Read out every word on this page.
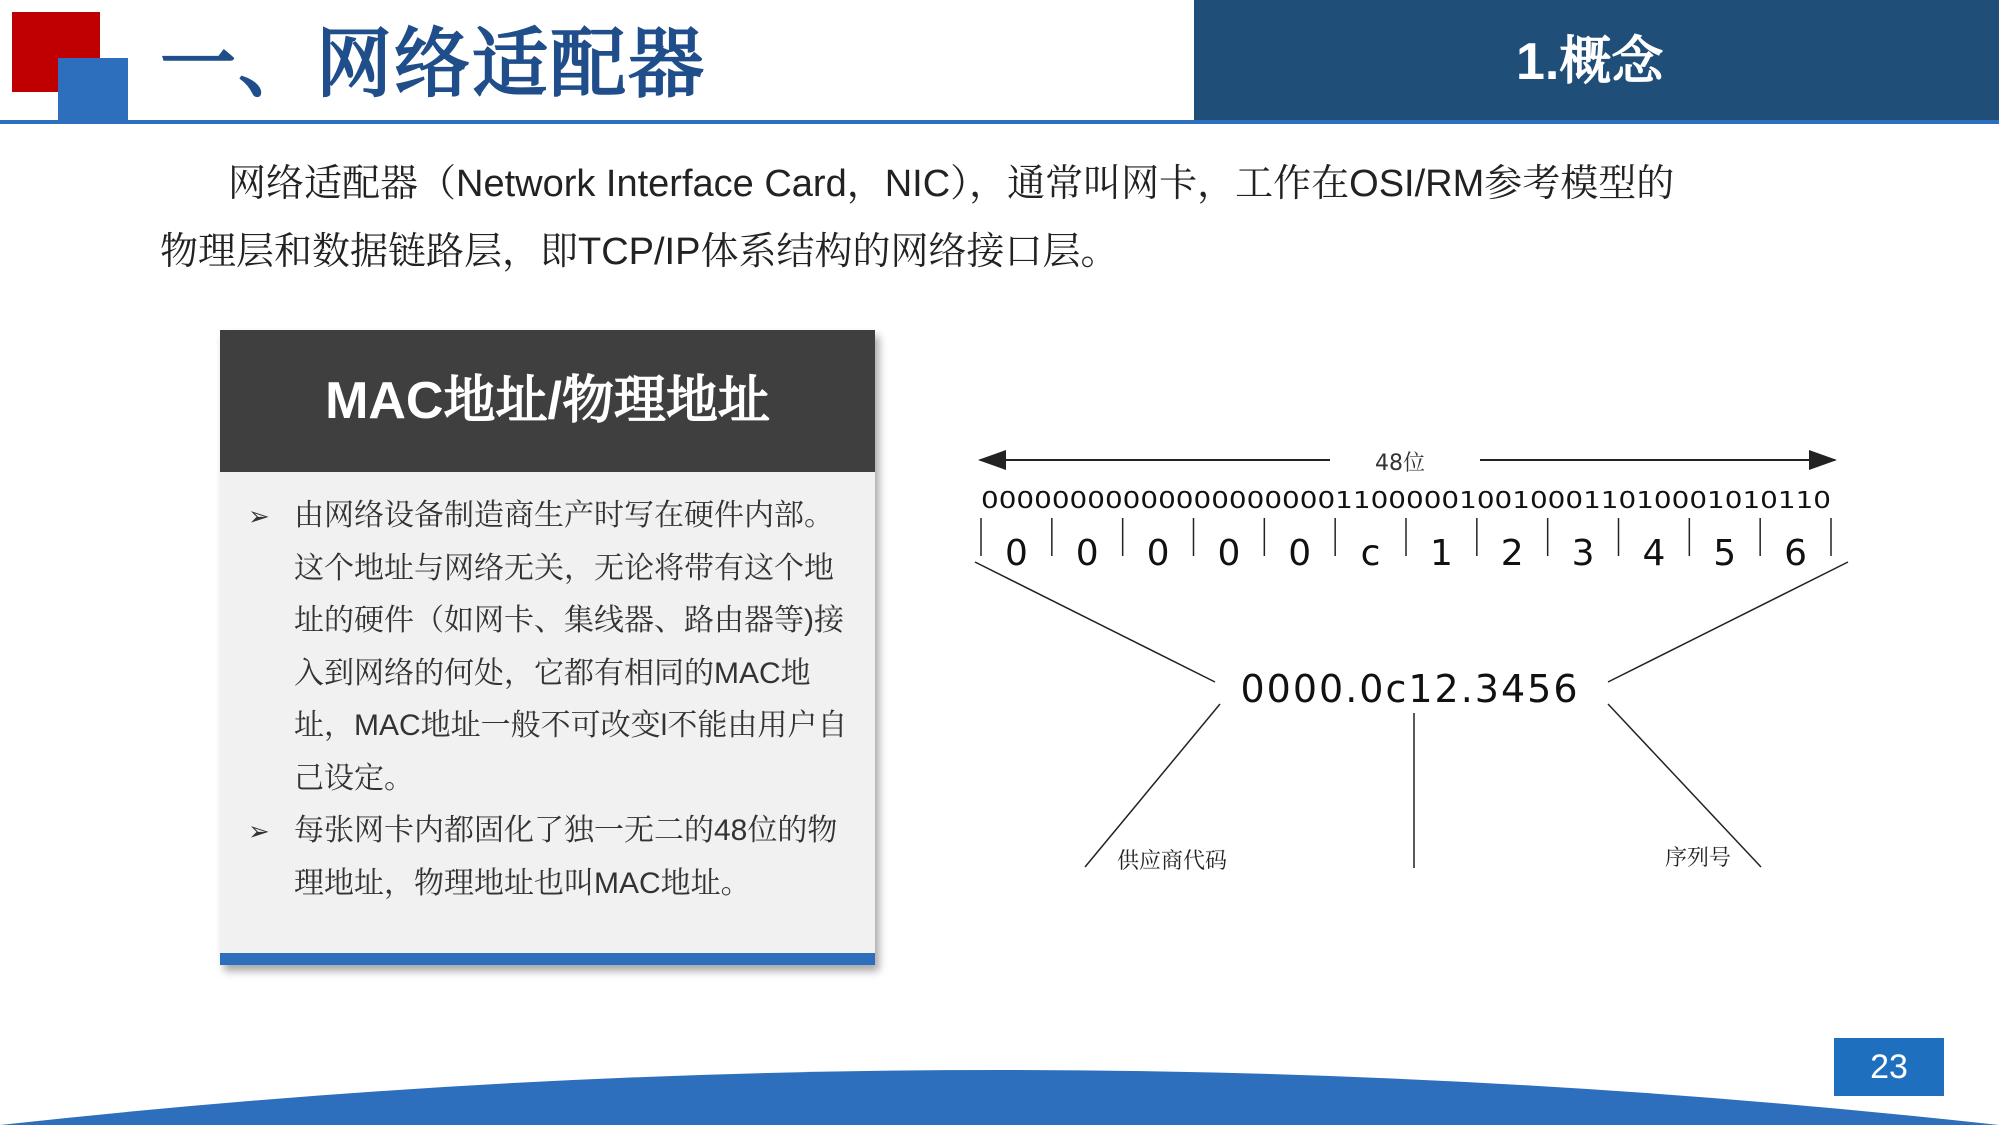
一、网络适配器	1.概念
网络适配器（Network Interface Card，NIC），通常叫网卡，工作在OSI/RM参考模型的物理层和数据链路层，即TCP/IP体系结构的网络接口层。
MAC地址/物理地址
➢ 由网络设备制造商生产时写在硬件内部。这个地址与网络无关，无论将带有这个地址的硬件（如网卡、集线器、路由器等)接入到网络的何处，它都有相同的MAC地址，MAC地址一般不可改变l不能由用户自己设定。
➢ 每张网卡内都固化了独一无二的48位的物理地址，物理地址也叫MAC地址。
48位
000000000000000000001100000100100011010001010110
0 0 0 0 0 c 1 2 3 4 5 6
0000.0c12.3456
供应商代码	序列号
23
